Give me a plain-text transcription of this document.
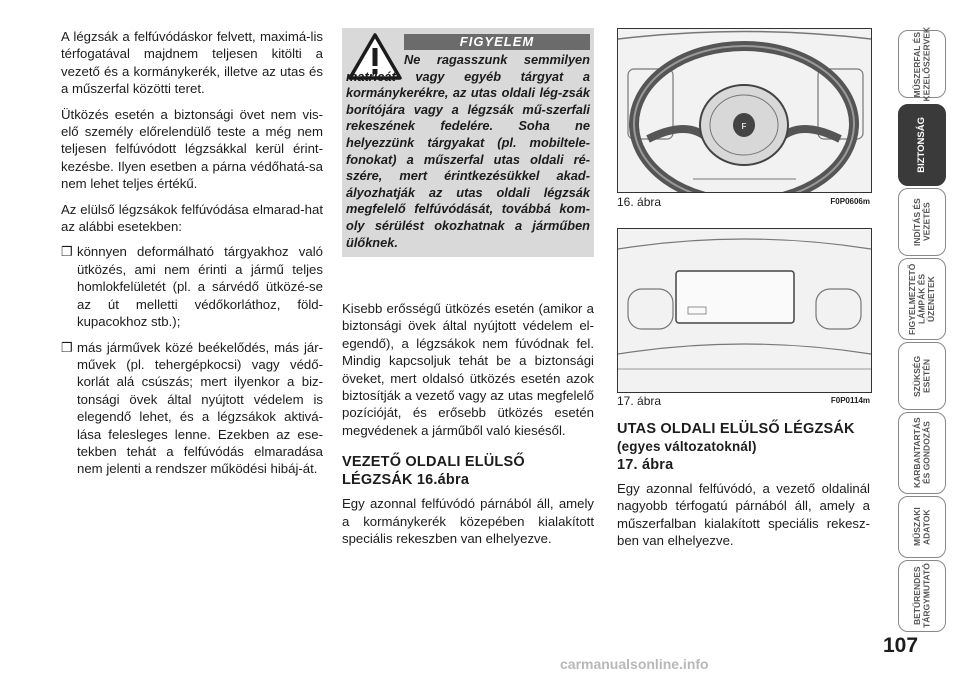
A légzsák a felfúvódáskor felvett, maximá-lis térfogatával majdnem teljesen kitölti a vezető és a kormánykerék, illetve az utas és a műszerfal közötti teret.

Ütközés esetén a biztonsági övet nem vis-elő személy előrelendülő teste a még nem teljesen felfúvódott légzsákkal kerül érint-kezésbe. Ilyen esetben a párna védőhatá-sa nem lehet teljes értékű.

Az elülső légzsákok felfúvódása elmarad-hat az alábbi esetekben:

❒ könnyen deformálható tárgyakhoz való ütközés, ami nem érinti a jármű teljes homlokfelületét (pl. a sárvédő ütközé-se az út melletti védőkorláthoz, föld-kupacokhoz stb.);
❒ más járművek közé beékelődés, más jár-művek (pl. tehergépkocsi) vagy védő-korlát alá csúszás; mert ilyenkor a biz-tonsági övek által nyújtott védelem is elegendő lehet, és a légzsákok aktivá-lása felesleges lenne. Ezekben az ese-tekben tehát a felfúvódás elmaradása nem jelenti a rendszer működési hibáj-át.
FIGYELEM
Ne ragasszunk semmilyen matricát vagy egyéb tárgyat a kormánykerékre, az utas oldali lég-zsák borítójára vagy a légzsák mű-szerfali rekeszének fedelére. Soha ne helyezzünk tárgyakat (pl. mobiltele-fonokat) a műszerfal utas oldali ré-szére, mert érintkezésükkel akad-ályozhatják az utas oldali légzsák megfelelő felfúvódását, továbbá kom-oly sérülést okozhatnak a járműben ülőknek.

Kisebb erősségű ütközés esetén (amikor a biztonsági övek által nyújtott védelem el-egendő), a légzsákok nem fúvódnak fel. Mindig kapcsoljuk tehát be a biztonsági öveket, mert oldalsó ütközés esetén azok biztosítják a vezető vagy az utas megfelelő pozícióját, és erősebb ütközés esetén megvédenek a járműből való kiesésől.

VEZETŐ OLDALI ELÜLSŐ LÉGZSÁK 16.ábra

Egy azonnal felfúvódó párnából áll, amely a kormánykerék közepében kialakított speciális rekeszben van elhelyezve.

F
16. ábra	F0P0606m
17. ábra	F0P0114m
UTAS OLDALI ELÜLSŐ LÉGZSÁK (egyes változatoknál)
17. ábra

Egy azonnal felfúvódó, a vezető oldalinál nagyobb térfogatú párnából áll, amely a műszerfalban kialakított speciális rekesz-ben van elhelyezve.

MŰSZERFAL ÉS KEZELŐSZERVEK
BIZTONSÁG
INDÍTÁS ÉS VEZETÉS
FIGYELMEZTETŐ LÁMPÁK ÉS ÜZENETEK
SZÜKSÉG ESETÉN
KARBANTARTÁS ÉS GONDOZÁS
MŰSZAKI ADATOK
BETŰRENDES TÁRGYMUTATÓ
107
carmanualsonline.info
